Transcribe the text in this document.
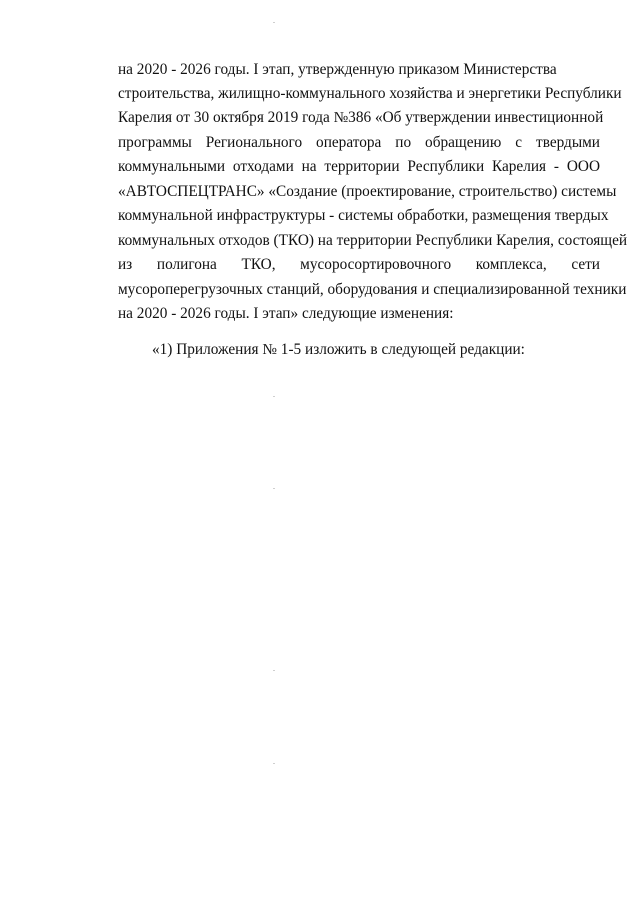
на 2020 - 2026 годы. I этап, утвержденную приказом Министерства
строительства, жилищно-коммунального хозяйства и энергетики Республики
Карелия от 30 октября 2019 года №386 «Об утверждении инвестиционной
программы Регионального оператора по обращению с твердыми
коммунальными отходами на территории Республики Карелия - ООО
«АВТОСПЕЦТРАНС» «Создание (проектирование, строительство) системы
коммунальной инфраструктуры - системы обработки, размещения твердых
коммунальных отходов (ТКО) на территории Республики Карелия, состоящей
из полигона ТКО, мусоросортировочного комплекса, сети
мусороперегрузочных станций, оборудования и специализированной техники
на 2020 - 2026 годы. I этап» следующие изменения:
«1) Приложения № 1-5 изложить в следующей редакции:
